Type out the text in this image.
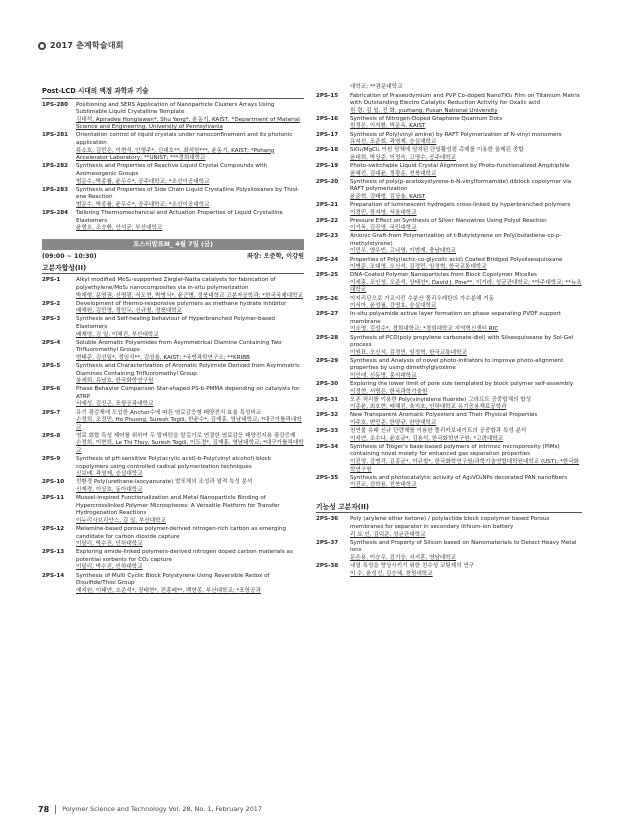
2017 춘계학술대회
Post-LCD 시대의 액정 과학과 기술
1PS-280	Positioning and SERS Application of Nanoparticle Clusters Arrays Using Sublimable Liquid Crystalline Template
김대석, Apiradee Honglawan*, Shu Yang*, 윤동기, KAIST, *Department of Material Science and Engineering, University of Pennsylvania
1PS-281	Orientation control of liquid crystals under nanoconfinement and its photonic application
류소호, 김민은, 이현석, 안형주*, 신대호**, 최석원***, 윤동기, KAIST; *Pohang Accelerator Laboratory; **UNIST; ***경희대학교
1PS-282	Synthesis and Properties of Reactive Liquid Crystal Compounds with Azomesogenic Groups
범문수, 박종률, 윤두수*, 공주대학교; *조선이공대학교
1PS-283	Synthesis and Properties of Side Chain Liquid Crystalline Polysiloxanes by Thiol-ene Reaction
범문수, 박종률, 윤두수*, 공주대학교; *조선이공대학교
1PS-284	Tailoring Thermomechanical and Actuation Properties of Liquid Crystalline Elastomers
윤형호, 조승환, 안석균, 부산대학교
포스터발표Ⅲ_ 4월 7일 (금)
(09:00 ~ 10:30)	좌장: 오준학, 이강원
고분자합성(II)
2PS-1	Alkyl modified MoS₂-supported Ziegler-Natta catalysts for fabrication of polyethylene/MoS₂ nanocomposites via in-situ polymerization
박재형, 문영권, 신명광, 서도현, 박병식*, 윤근병, 정북대학교 고분자공학과; *한국국제대학교
2PS-2	Development of thermo-responsive polymers as methane hydrate inhibitor
배예원, 김민영, 정민두, 신규철, 경북대학교
2PS-3	Synthesis and Self-healing behaviour of Hyperbranched Polymer-based Elastomers
배재영, 김 일, 이혜진, 부산대학교
2PS-4	Soluble Aromatic Polyamides from Asymmetrical Diamine Containing Two Trifluoromethyl Groups
변태준, 김선일*, 정임식**, 김성율, KAIST; *국방과학연구소; **KRIBB
2PS-5	Synthesis and Characterization of Aromatic Polyimide Derived from Asymmetric Diamines Containing Trifluoromethyl Group
봉세희, 유남호, 한국화학연구원
2PS-6	Phase Behavior Comparison Star-shaped PS-b-PMMA depending on catalysts for ATRP
서예성, 김진곤, 포항공과대학교
2PS-7	유기 광감제에 도입한 Anchor수에 따른 염료감응형 태양전지 효율 특성비교
손정희, 조정민, Ho Phuong, Suresh Togili, 한윤수*, 김재홍, 영남대학교; *대구가톨릭대학교
2PS-8	염료 회합 특성 제어를 위하여 두 말버틴을 말길기로 연결한 염료감응 태양전지용 광감증제
손정희, 이현희, Le Thi Thuy, Suresh Togili, 이도경*, 김재홍, 영남대학교; *대구가톨릭대학교
2PS-9	Synthesis of pH-sensitive Poly(acrylic acid)-b-Poly(vinyl alcohol) block copolymers using controlled radical polymerization techniques
신보배, 곽영제, 숭실대학교
2PS-10	친환경 Poly(urethane-isocyanurate) 발포체의 조성과 열적 특성 분석
신재경, 이상호, 동아대학교
2PS-11	Mussel-inspired Functionalization and Metal Nanoparticle Binding of Hypercrosslinked Polymer Microspheres: A Versatile Platform for Transfer Hydrogenation Reactions
이누리사브리얀스, 김 일, 부산대학교
2PS-12	Melamine-based porous polymer-derived nitrogen-rich carbon as emerging candidate for carbon dioxide capture
이달리, 박수진, 인하대학교
2PS-13	Exploring amide-linked polymers-derived nitrogen doped carbon materials as potential sorbents for CO₂ capture
이달리, 박수진, 인하대학교
2PS-14	Synthesis of Multi Cyclic Block Polystyrene Using Reversible Redox of Disulfide/Thiol Group
예지원, 이태연, 오준석*, 장태현*, 전흥배**, 백현종, 부산대학교; *포항공과
대학교; **광운대학교
2PS-15	Fabrication of Praseodymium and PVP Co-doped NanoTiO₂ Film on Titanium Matrix with Outstanding Electro Catalytic Reduction Activity for Oxalic acid
원 령, 김 일, 진 화, yuzhang, Pusan National University
2PS-16	Synthesis of Nitrogen-Doped Graphene Quantum Dots
원정은, 이석환, 박운옥, KAIST
2PS-17	Synthesis of Poly(vinyl amine) by RAFT Polymerization of N-vinyl monomers
유지선, 조준희, 곽영제, 숭실대학교
2PS-18	SiO₂/MgCl₂ 이원 담체에 담지된 단일활성점 촉매를 이용한 올레핀 중합
윤대희, 박상준, 이정숙, 고영수, 공주대학교
2PS-19	Photo-switchable Liquid Crystal Alignment by Photo-functionalized Amphiphile
윤혜진, 김대윤, 정광운, 전북대학교
2PS-20	Synthesis of poly(p-acetoxystyrene-b-N-vinylformamide) diblock copolymer via RAFT polymerization
윤준혁, 김태형, 김상율, KAIST
2PS-21	Preparation of luminescent hydrogels cross-linked by hyperbranched polymers
이경민, 장지영, 서울대학교
2PS-22	Pressure Effect on Synthesis of Silver Nanowires Using Polyol Reaction
이기욱, 김진영, 국민대학교
2PS-23	Anionic Graft-from Polymerization of t-Butylstyrene on Poly(butadiene-co-p-methylstyrene)
이민우, 염우빈, 고나영, 이범재, 충남대학교
2PS-24	Properties of Poly(lactic-co-glycolic acid) Coated Bridged Polysilsesquioxane
이병준, 조대영, 오신석, 김경민, 임정혁, 한국교통대학교
2PS-25	DNA-Coated Polymer Nanoparticles from Block Copolymer Micelles
이세홍, 조인성, 오준석, 상태선*, David J. Pine**, 이기라, 성균관대학교; *아주대학교; **뉴욕대학교
2PS-26	아지리딘으로 가교시킨 수분산 폴리우레탄의 가수분해 거동
이서아, 윤성필, 강영호, 숭실대학교
2PS-27	In-situ polyamide active layer formation on phase separating PVDF support membrane
이소영, 김성수*, 경희대학교; *경희대학교 지역혁신센터 RIC
2PS-28	Synthesis of PCD(poly propylene carbonate-diol) with Silsesquioxane by Sol-Gel process
이원표, 오신석, 김경민, 임정혁, 한국교통대학교
2PS-29	Synthesis and Analysis of novel photo-initiators to improve photo-alignment properties by using dimethylglyoxime
이인애, 신동명, 홍익대학교
2PS-30	Exploring the lower limit of pore size templated by block polymer self-assembly
이정현, 서명은, 한국과학기술원
2PS-31	오존 처리를 이용한 Poly(vinylidene fluoride) 그라프트 공중합체의 합성
이종윤, 최호현, 배혜진, 육지호, 인하대학교 유기응용재료공학과
2PS-32	New Transparent Aromatic Polyesters and Their Physical Properties
이주호, 변민준, 한양규, 한양대학교
2PS-33	천연물 유래 신규 단량체를 이용한 폴리카보네이트의 공중합과 특성 분석
이지연, 조수나, 윤호규*, 김용석, 한국화학연구원; *고려대학교
2PS-34	Synthesis of Tröger's base-based polymers of intrinsic microporosity (PIMs) containing novel moiety for enhanced gas separation properties
이진영, 강병각, 김종균*, 이규철*, 한국화학연구원/과학기술연합대학원대학교 (UST); *한국화학연구원
2PS-35	Synthesis and photocatalytic activity of Ag₃VO₄NPs decorated PAN nanofibers
이진교, 김학용, 전북대학교
기능성 고분자(II)
2PS-36	Poly (arylene ether ketone) / polylactide block copolymer based Porous membranes for separator in secondary lithium-ion battery
리 묘 인, 김덕준, 성균관대학교
2PS-37	Synthesis and Property of Silicon based on Nanomaterials to Detect Heavy Metal Ions
문은용, 이승우, 김기승, 서지훈, 영남대학교
2PS-38	내열 특성을 향상시키기 위한 친수성 코팅제의 연구
이 수, 윤성진, 김승혜, 창원대학교
78 Polymer Science and Technology Vol. 28, No. 1, February 2017
